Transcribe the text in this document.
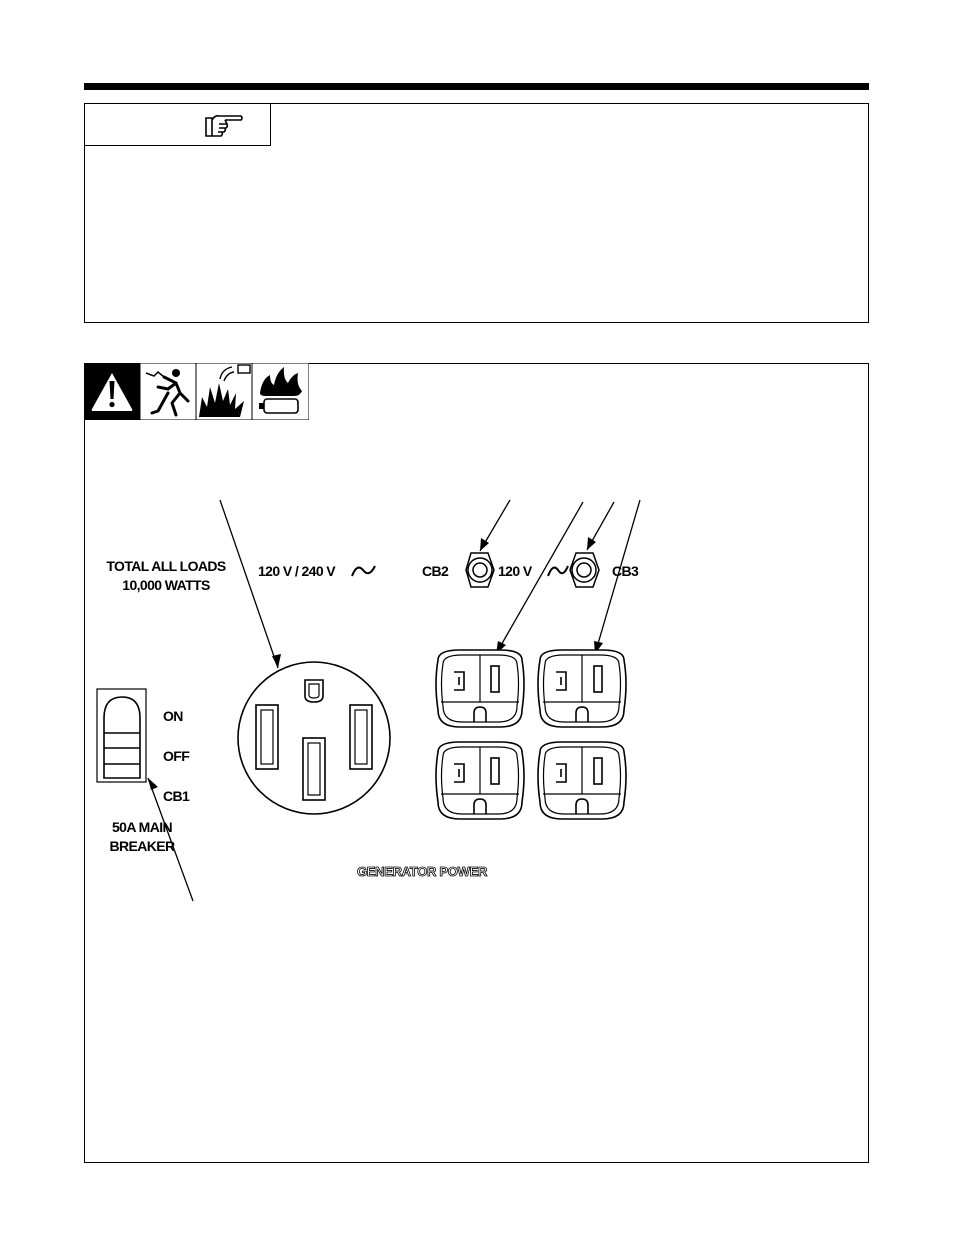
TOTAL ALL LOADS
10,000 WATTS
120 V / 240 V	CB2	120 V	CB3
ON
OFF
CB1
50A MAIN
BREAKER
GENERATOR POWER
